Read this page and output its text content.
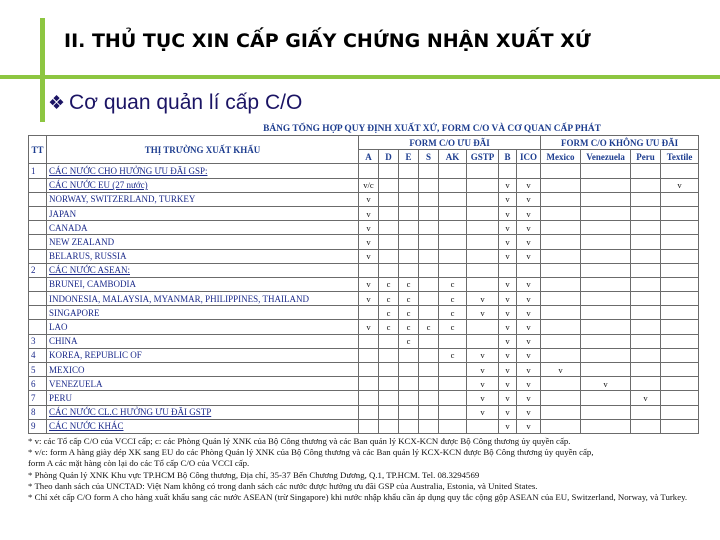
II. THỦ TỤC XIN CẤP GIẤY CHỨNG NHẬN XUẤT XỨ
❖ Cơ quan quản lí cấp C/O
BẢNG TỔNG HỢP QUY ĐỊNH XUẤT XỨ, FORM C/O VÀ CƠ QUAN CẤP PHÁT
TT	THỊ TRƯỜNG XUẤT KHẨU	FORM C/O ƯU ĐÃI								FORM C/O KHÔNG ƯU ĐÃI			
		A	D	E	S	AK	GSTP	B	ICO	Mexico	Venezuela	Peru	Textile
1	CÁC NƯỚC CHO HƯỞNG ƯU ĐÃI GSP:												
	CÁC NƯỚC EU (27 nước)	v/c						v	v				v
	NORWAY, SWITZERLAND, TURKEY	v						v	v				
	JAPAN	v						v	v				
	CANADA	v						v	v				
	NEW ZEALAND	v						v	v				
	BELARUS, RUSSIA	v						v	v				
2	CÁC NƯỚC ASEAN:												
	BRUNEI, CAMBODIA	v	c	c		c		v	v				
	INDONESIA, MALAYSIA, MYANMAR, PHILIPPINES, THAILAND	v	c	c		c	v	v	v				
	SINGAPORE		c	c		c	v	v	v				
	LAO	v	c	c	c	c		v	v				
3	CHINA			c				v	v				
4	KOREA, REPUBLIC OF					c	v	v	v				
5	MEXICO						v	v	v	v			
6	VENEZUELA						v	v	v		v		
7	PERU						v	v	v			v	
8	CÁC NƯỚC CL.C HƯỞNG ƯU ĐÃI GSTP						v	v	v				
9	CÁC NƯỚC KHÁC							v	v				
* v: các Tổ cấp C/O của VCCI cấp; c: các Phòng Quản lý XNK của Bộ Công thương và các Ban quản lý KCX-KCN được Bộ Công thương ủy quyền cấp.
* v/c: form A hàng giày dép XK sang EU do các Phòng Quản lý XNK của Bộ Công thương và các Ban quản lý KCX-KCN được Bộ Công thương ủy quyền cấp,
form A các mặt hàng còn lại do các Tổ cấp C/O của VCCI cấp.
* Phòng Quản lý XNK Khu vực TP.HCM Bộ Công thương, Địa chỉ, 35-37 Bến Chương Dương, Q.1, TP.HCM. Tel. 08.3294569
* Theo danh sách của UNCTAD: Việt Nam không có trong danh sách các nước được hưởng ưu đãi GSP của Australia, Estonia, và United States.
* Chỉ xét cấp C/O form A cho hàng xuất khẩu sang các nước ASEAN (trừ Singapore) khi nước nhập khẩu cần áp dụng quy tắc cộng gộp ASEAN của EU, Switzerland, Norway, và Turkey.
